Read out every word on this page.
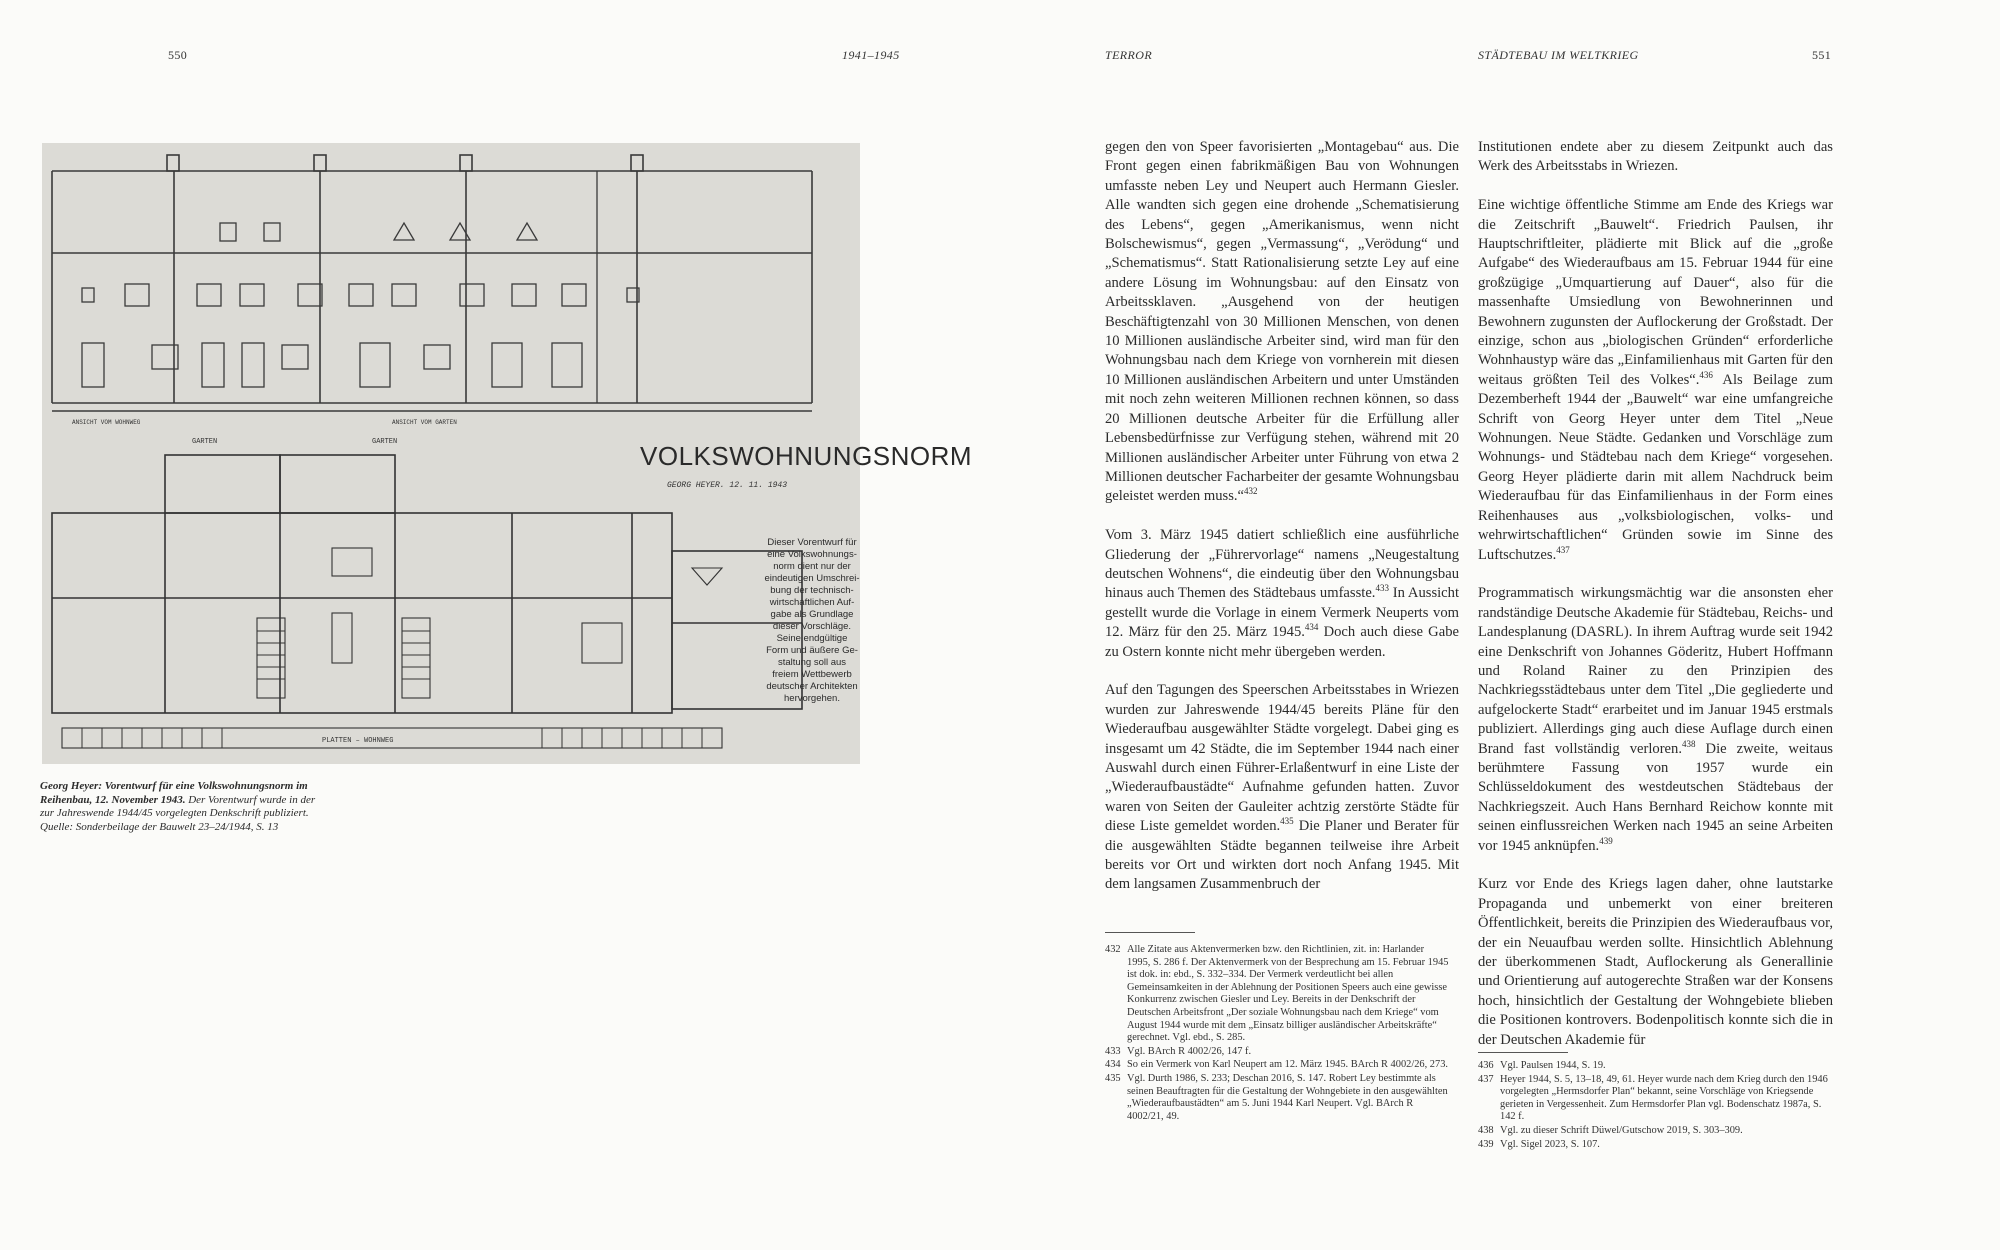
550	1941–1945	TERROR	STÄDTEBAU IM WELTKRIEG	551
ANSICHT VOM WOHNWEG	ANSICHT VOM GARTEN
GARTEN	GARTEN
PLATTEN – WOHNWEG
VOLKSWOHNUNGSNORM
GEORG HEYER. 12. 11. 1943
Dieser Vorentwurf für
eine Volkswohnungs-
norm dient nur der
eindeutigen Umschrei-
bung der technisch-
wirtschaftlichen Auf-
gabe als Grundlage
dieser Vorschläge.
Seine endgültige
Form und äußere Ge-
staltung soll aus
freiem Wettbewerb
deutscher Architekten
hervorgehen.
Georg Heyer: Vorentwurf für eine Volkswohnungsnorm im Reihenbau, 12. November 1943. Der Vorentwurf wurde in der zur Jahreswende 1944/45 vorgelegten Denkschrift publiziert. Quelle: Sonderbeilage der Bauwelt 23–24/1944, S. 13

gegen den von Speer favorisierten „Montagebau“ aus. Die Front gegen einen fabrikmäßigen Bau von Wohnungen umfasste neben Ley und Neupert auch Hermann Giesler. Alle wandten sich gegen eine drohende „Schematisierung des Lebens“, gegen „Amerikanismus, wenn nicht Bolschewismus“, gegen „Vermassung“, „Verödung“ und „Schematismus“. Statt Rationalisierung setzte Ley auf eine andere Lösung im Wohnungsbau: auf den Einsatz von Arbeitssklaven. „Ausgehend von der heutigen Beschäftigtenzahl von 30 Millionen Menschen, von denen 10 Millionen ausländische Arbeiter sind, wird man für den Wohnungsbau nach dem Kriege von vornherein mit diesen 10 Millionen ausländischen Arbeitern und unter Umständen mit noch zehn weiteren Millionen rechnen können, so dass 20 Millionen deutsche Arbeiter für die Erfüllung aller Lebensbedürfnisse zur Verfügung stehen, während mit 20 Millionen ausländischer Arbeiter unter Führung von etwa 2 Millionen deutscher Facharbeiter der gesamte Wohnungsbau geleistet werden muss.“$^{432}$

Vom 3. März 1945 datiert schließlich eine ausführliche Gliederung der „Führervorlage“ namens „Neugestaltung deutschen Wohnens“, die eindeutig über den Wohnungsbau hinaus auch Themen des Städtebaus umfasste.$^{433}$ In Aussicht gestellt wurde die Vorlage in einem Vermerk Neuperts vom 12. März für den 25. März 1945.$^{434}$ Doch auch diese Gabe zu Ostern konnte nicht mehr übergeben werden.

Auf den Tagungen des Speerschen Arbeitsstabes in Wriezen wurden zur Jahreswende 1944/45 bereits Pläne für den Wiederaufbau ausgewählter Städte vorgelegt. Dabei ging es insgesamt um 42 Städte, die im September 1944 nach einer Auswahl durch einen Führer-Erlaßentwurf in eine Liste der „Wiederaufbaustädte“ Aufnahme gefunden hatten. Zuvor waren von Seiten der Gauleiter achtzig zerstörte Städte für diese Liste gemeldet worden.$^{435}$ Die Planer und Berater für die ausgewählten Städte begannen teilweise ihre Arbeit bereits vor Ort und wirkten dort noch Anfang 1945. Mit dem langsamen Zusammenbruch der

Institutionen endete aber zu diesem Zeitpunkt auch das Werk des Arbeitsstabs in Wriezen.

Eine wichtige öffentliche Stimme am Ende des Kriegs war die Zeitschrift „Bauwelt“. Friedrich Paulsen, ihr Hauptschriftleiter, plädierte mit Blick auf die „große Aufgabe“ des Wiederaufbaus am 15. Februar 1944 für eine großzügige „Umquartierung auf Dauer“, also für die massenhafte Umsiedlung von Bewohnerinnen und Bewohnern zugunsten der Auflockerung der Großstadt. Der einzige, schon aus „biologischen Gründen“ erforderliche Wohnhaustyp wäre das „Einfamilienhaus mit Garten für den weitaus größten Teil des Volkes“.$^{436}$ Als Beilage zum Dezemberheft 1944 der „Bauwelt“ war eine umfangreiche Schrift von Georg Heyer unter dem Titel „Neue Wohnungen. Neue Städte. Gedanken und Vorschläge zum Wohnungs- und Städtebau nach dem Kriege“ vorgesehen. Georg Heyer plädierte darin mit allem Nachdruck beim Wiederaufbau für das Einfamilienhaus in der Form eines Reihenhauses aus „volksbiologischen, volks- und wehrwirtschaftlichen“ Gründen sowie im Sinne des Luftschutzes.$^{437}$

Programmatisch wirkungsmächtig war die ansonsten eher randständige Deutsche Akademie für Städtebau, Reichs- und Landesplanung (DASRL). In ihrem Auftrag wurde seit 1942 eine Denkschrift von Johannes Göderitz, Hubert Hoffmann und Roland Rainer zu den Prinzipien des Nachkriegsstädtebaus unter dem Titel „Die gegliederte und aufgelockerte Stadt“ erarbeitet und im Januar 1945 erstmals publiziert. Allerdings ging auch diese Auflage durch einen Brand fast vollständig verloren.$^{438}$ Die zweite, weitaus berühmtere Fassung von 1957 wurde ein Schlüsseldokument des westdeutschen Städtebaus der Nachkriegszeit. Auch Hans Bernhard Reichow konnte mit seinen einflussreichen Werken nach 1945 an seine Arbeiten vor 1945 anknüpfen.$^{439}$

Kurz vor Ende des Kriegs lagen daher, ohne lautstarke Propaganda und unbemerkt von einer breiteren Öffentlichkeit, bereits die Prinzipien des Wiederaufbaus vor, der ein Neuaufbau werden sollte. Hinsichtlich Ablehnung der überkommenen Stadt, Auflockerung als Generallinie und Orientierung auf autogerechte Straßen war der Konsens hoch, hinsichtlich der Gestaltung der Wohngebiete blieben die Positionen kontrovers. Bodenpolitisch konnte sich die in der Deutschen Akademie für

432 Alle Zitate aus Aktenvermerken bzw. den Richtlinien, zit. in: Harlander 1995, S. 286 f. Der Aktenvermerk von der Besprechung am 15. Februar 1945 ist dok. in: ebd., S. 332–334. Der Vermerk verdeutlicht bei allen Gemeinsamkeiten in der Ablehnung der Positionen Speers auch eine gewisse Konkurrenz zwischen Giesler und Ley. Bereits in der Denkschrift der Deutschen Arbeitsfront „Der soziale Wohnungsbau nach dem Kriege“ vom August 1944 wurde mit dem „Einsatz billiger ausländischer Arbeitskräfte“ gerechnet. Vgl. ebd., S. 285.
433 Vgl. BArch R 4002/26, 147 f.
434 So ein Vermerk von Karl Neupert am 12. März 1945. BArch R 4002/26, 273.
435 Vgl. Durth 1986, S. 233; Deschan 2016, S. 147. Robert Ley bestimmte als seinen Beauftragten für die Gestaltung der Wohngebiete in den ausgewählten „Wiederaufbaustädten“ am 5. Juni 1944 Karl Neupert. Vgl. BArch R 4002/21, 49.
436 Vgl. Paulsen 1944, S. 19.
437 Heyer 1944, S. 5, 13–18, 49, 61. Heyer wurde nach dem Krieg durch den 1946 vorgelegten „Hermsdorfer Plan“ bekannt, seine Vorschläge von Kriegsende gerieten in Vergessenheit. Zum Hermsdorfer Plan vgl. Bodenschatz 1987a, S. 142 f.
438 Vgl. zu dieser Schrift Düwel/Gutschow 2019, S. 303–309.
439 Vgl. Sigel 2023, S. 107.
